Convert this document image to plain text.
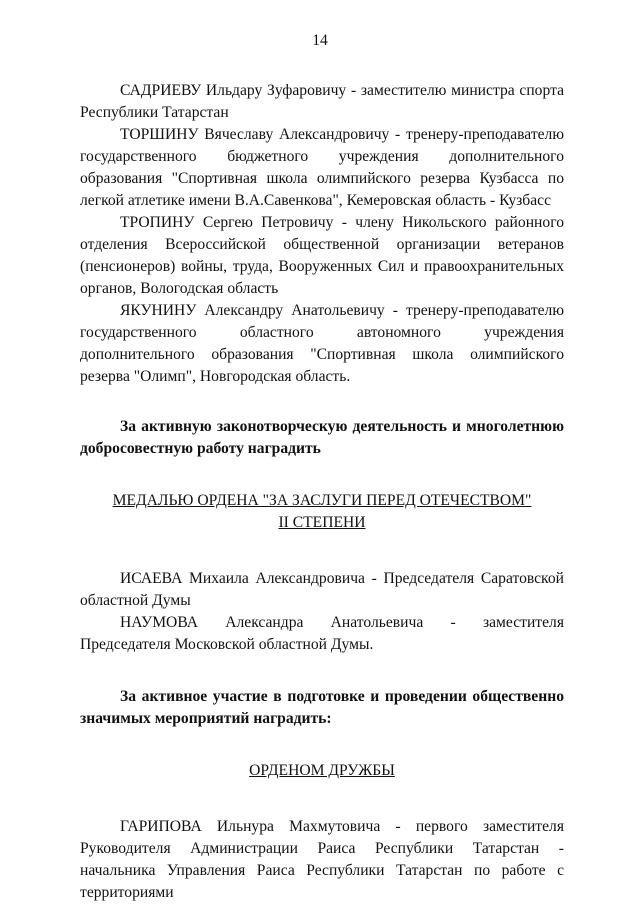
14

САДРИЕВУ Ильдару Зуфаровичу - заместителю министра спорта Республики Татарстан

ТОРШИНУ Вячеславу Александровичу - тренеру-преподавателю государственного бюджетного учреждения дополнительного образования "Спортивная школа олимпийского резерва Кузбасса по легкой атлетике имени В.А.Савенкова", Кемеровская область - Кузбасс

ТРОПИНУ Сергею Петровичу - члену Никольского районного отделения Всероссийской общественной организации ветеранов (пенсионеров) войны, труда, Вооруженных Сил и правоохранительных органов, Вологодская область

ЯКУНИНУ Александру Анатольевичу - тренеру-преподавателю государственного областного автономного учреждения дополнительного образования "Спортивная школа олимпийского резерва "Олимп", Новгородская область.

За активную законотворческую деятельность и многолетнюю добросовестную работу наградить

МЕДАЛЬЮ ОРДЕНА "ЗА ЗАСЛУГИ ПЕРЕД ОТЕЧЕСТВОМ"
II СТЕПЕНИ

ИСАЕВА Михаила Александровича - Председателя Саратовской областной Думы

НАУМОВА Александра Анатольевича - заместителя Председателя Московской областной Думы.

За активное участие в подготовке и проведении общественно значимых мероприятий наградить:

ОРДЕНОМ ДРУЖБЫ

ГАРИПОВА Ильнура Махмутовича - первого заместителя Руководителя Администрации Раиса Республики Татарстан - начальника Управления Раиса Республики Татарстан по работе с территориями
